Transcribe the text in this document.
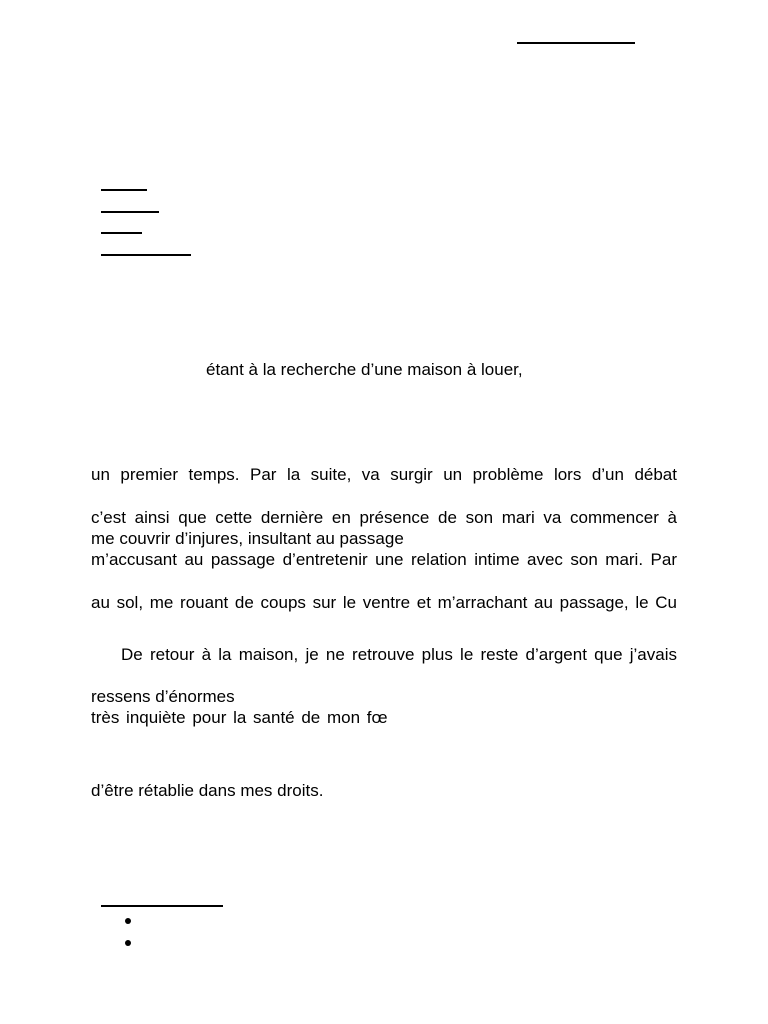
étant à la recherche d’une maison à louer,
un premier temps. Par la suite, va surgir un problème lors d’un débat
c’est ainsi que cette dernière en présence de son mari va commencer à
me couvrir d’injures, insultant au passage
m’accusant au passage d’entretenir une relation intime avec son mari. Par
au sol, me rouant de coups sur le ventre et m’arrachant au passage, le Cu
De retour à la maison, je ne retrouve plus le reste d’argent que j’avais
ressens d’énormes
très inquiète pour la santé de mon fœ
d’être rétablie dans mes droits.
